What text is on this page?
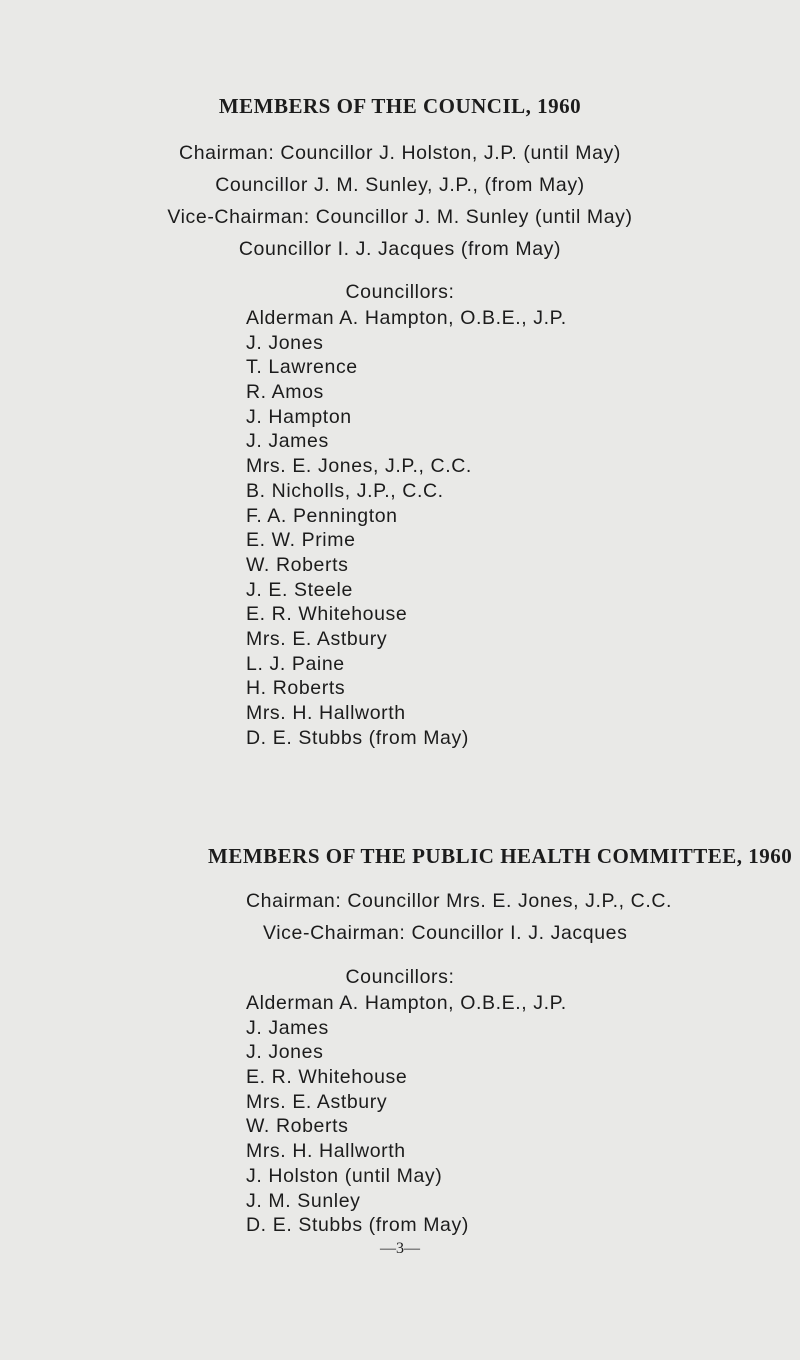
MEMBERS OF THE COUNCIL, 1960
Chairman: Councillor J. Holston, J.P. (until May)
Councillor J. M. Sunley, J.P., (from May)
Vice-Chairman: Councillor J. M. Sunley (until May)
Councillor I. J. Jacques (from May)
Councillors:
Alderman A. Hampton, O.B.E., J.P.
J. Jones
T. Lawrence
R. Amos
J. Hampton
J. James
Mrs. E. Jones, J.P., C.C.
B. Nicholls, J.P., C.C.
F. A. Pennington
E. W. Prime
W. Roberts
J. E. Steele
E. R. Whitehouse
Mrs. E. Astbury
L. J. Paine
H. Roberts
Mrs. H. Hallworth
D. E. Stubbs (from May)
MEMBERS OF THE PUBLIC HEALTH COMMITTEE, 1960
Chairman: Councillor Mrs. E. Jones, J.P., C.C.
Vice-Chairman: Councillor I. J. Jacques
Councillors:
Alderman A. Hampton, O.B.E., J.P.
J. James
J. Jones
E. R. Whitehouse
Mrs. E. Astbury
W. Roberts
Mrs. H. Hallworth
J. Holston (until May)
J. M. Sunley
D. E. Stubbs (from May)
—3—
